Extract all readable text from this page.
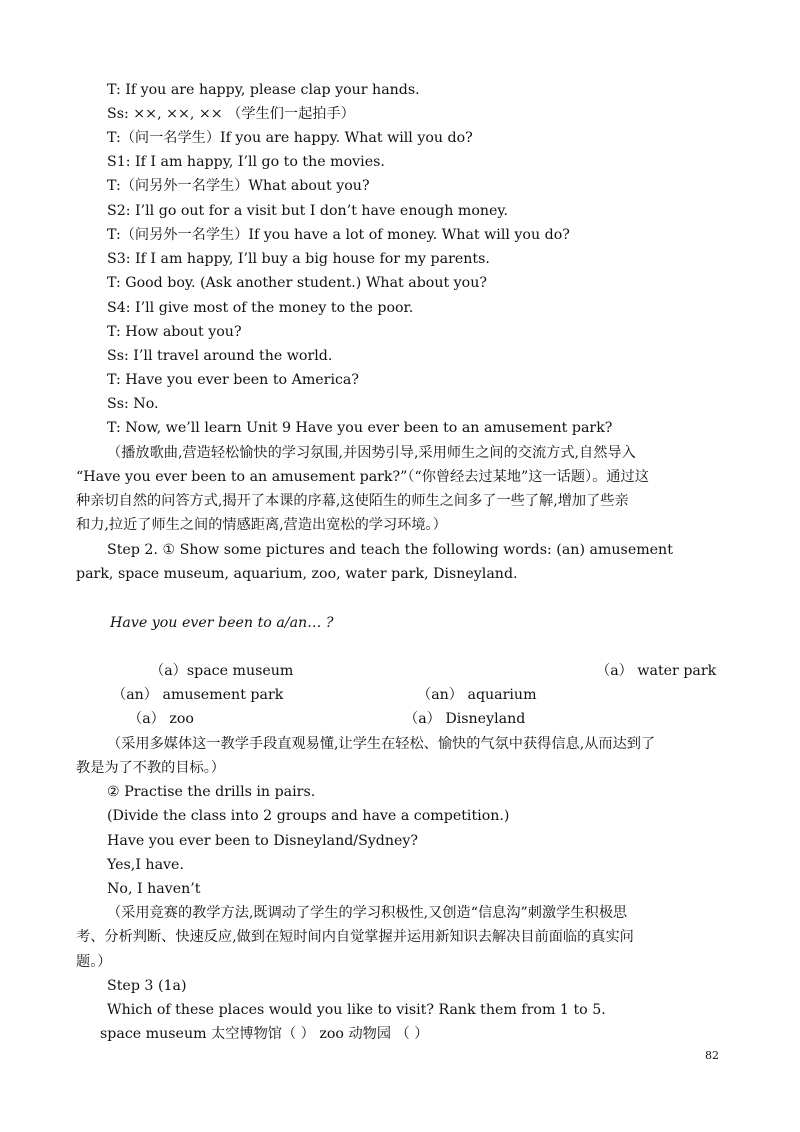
T: If you are happy, please clap your hands.
Ss: ××, ××, ×× （学生们一起拍手）
T:（问一名学生）If you are happy. What will you do?
S1: If I am happy, I’ll go to the movies.
T:（问另外一名学生）What about you?
S2: I’ll go out for a visit but I don’t have enough money.
T:（问另外一名学生）If you have a lot of money. What will you do?
S3: If I am happy, I’ll buy a big house for my parents.
T: Good boy. (Ask another student.) What about you?
S4: I’ll give most of the money to the poor.
T: How about you?
Ss: I’ll travel around the world.
T: Have you ever been to America?
Ss: No.
T: Now, we’ll learn Unit 9 Have you ever been to an amusement park?
（播放歌曲,营造轻松愉快的学习氛围,并因势引导,采用师生之间的交流方式,自然导入
“Have you ever been to an amusement park?”（“你曾经去过某地”这一话题）。通过这
种亲切自然的问答方式,揭开了本课的序幕,这使陌生的师生之间多了一些了解,增加了些亲
和力,拉近了师生之间的情感距离,营造出宽松的学习环境。）
Step 2. ① Show some pictures and teach the following words: (an) amusement
park, space museum, aquarium, zoo, water park, Disneyland.
Have you ever been to a/an… ?
（a）space museum	（a） water park
（an） amusement park	（an） aquarium
（a） zoo	（a） Disneyland
（采用多媒体这一教学手段直观易懂,让学生在轻松、愉快的气氛中获得信息,从而达到了
教是为了不教的目标。）
② Practise the drills in pairs.
(Divide the class into 2 groups and have a competition.)
Have you ever been to Disneyland/Sydney?
Yes,I have.
No, I haven’t
（采用竞赛的教学方法,既调动了学生的学习积极性,又创造“信息沟”刺激学生积极思
考、分析判断、快速反应,做到在短时间内自觉掌握并运用新知识去解决目前面临的真实问
题。）
Step 3 (1a)
Which of these places would you like to visit? Rank them from 1 to 5.
space museum 太空博物馆（ ） zoo 动物园 （ ）
82
